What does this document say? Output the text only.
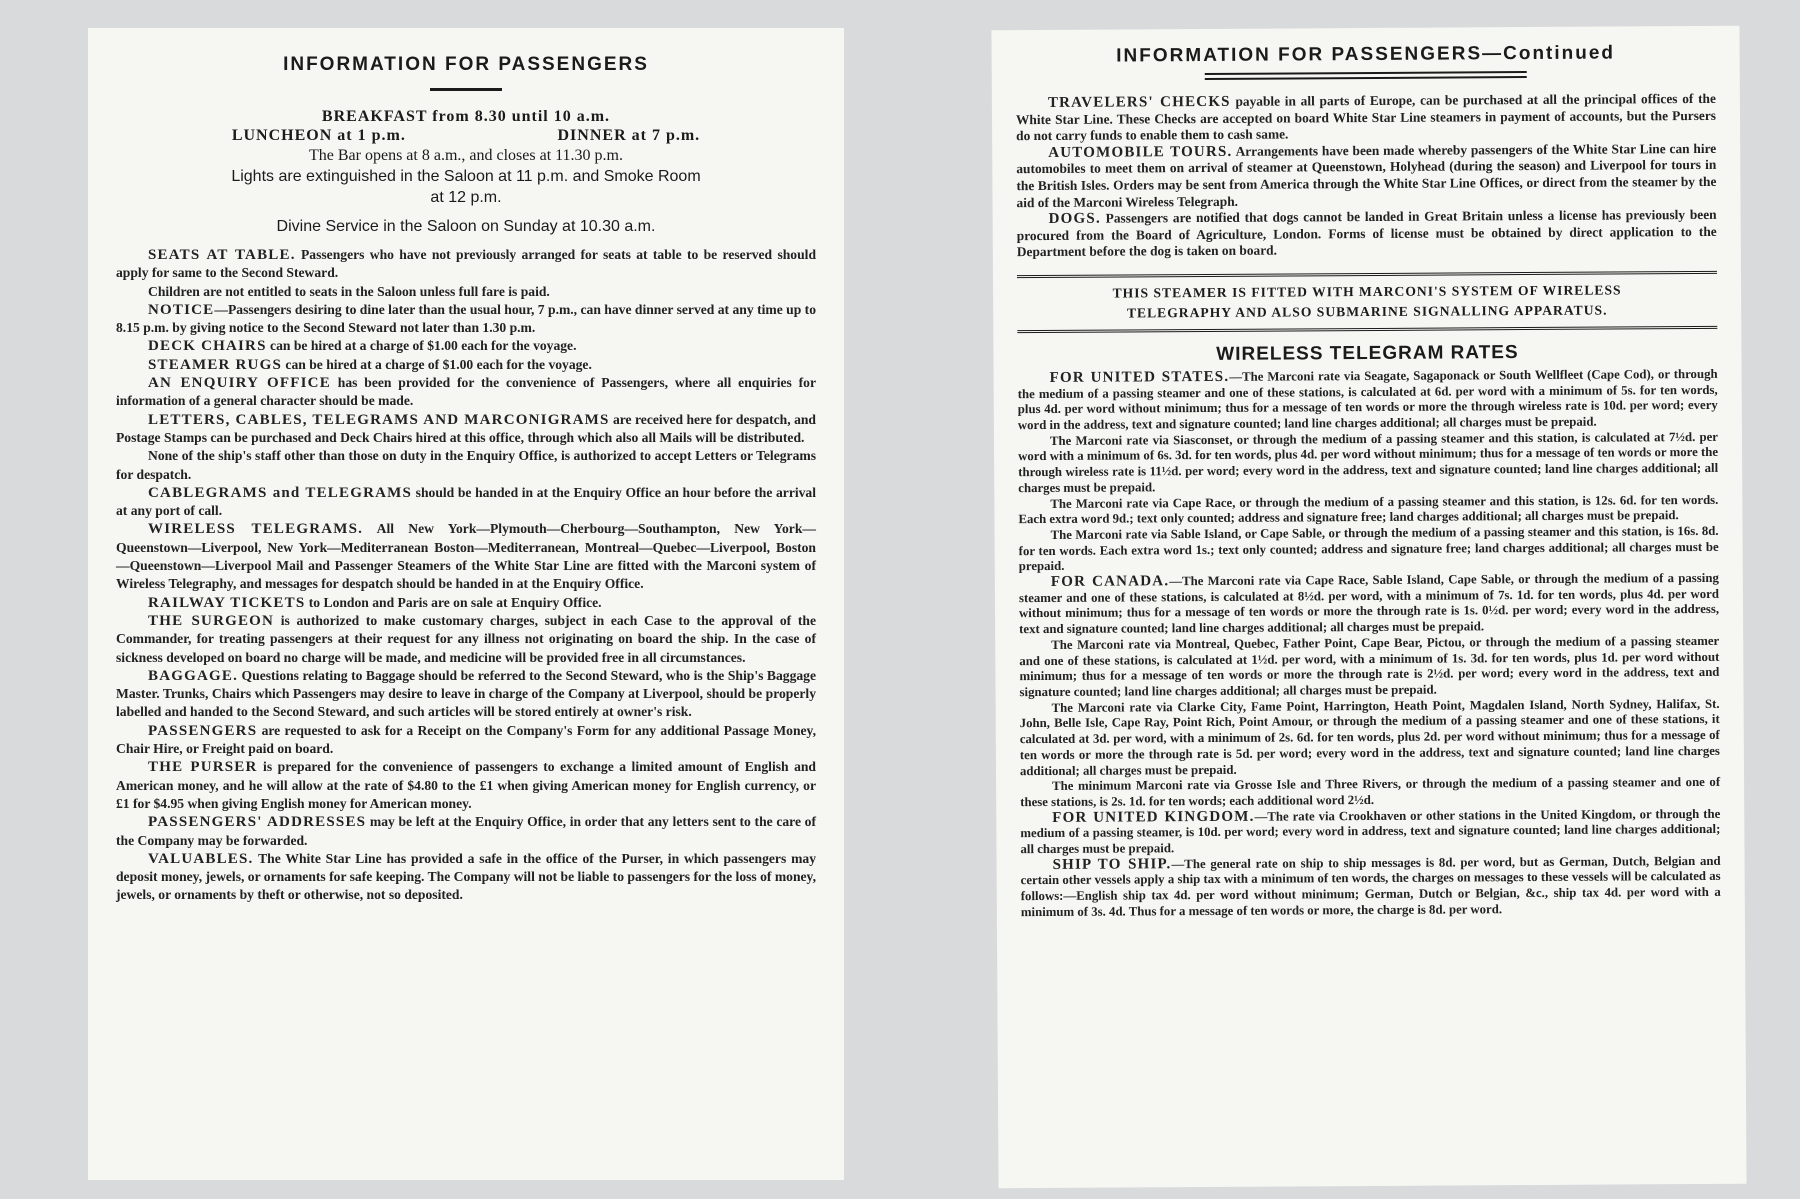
INFORMATION FOR PASSENGERS

BREAKFAST from 8.30 until 10 a.m.

LUNCHEON at 1 p.m.	DINNER at 7 p.m.

The Bar opens at 8 a.m., and closes at 11.30 p.m.

Lights are extinguished in the Saloon at 11 p.m. and Smoke Room
at 12 p.m.
Divine Service in the Saloon on Sunday at 10.30 a.m.

SEATS AT TABLE. Passengers who have not previously arranged for seats at table to be reserved should apply for same to the Second Steward.

Children are not entitled to seats in the Saloon unless full fare is paid.

NOTICE—Passengers desiring to dine later than the usual hour, 7 p.m., can have dinner served at any time up to 8.15 p.m. by giving notice to the Second Steward not later than 1.30 p.m.

DECK CHAIRS can be hired at a charge of $1.00 each for the voyage.

STEAMER RUGS can be hired at a charge of $1.00 each for the voyage.

AN ENQUIRY OFFICE has been provided for the convenience of Passengers, where all enquiries for information of a general character should be made.

LETTERS, CABLES, TELEGRAMS AND MARCONIGRAMS are received here for despatch, and Postage Stamps can be purchased and Deck Chairs hired at this office, through which also all Mails will be distributed.

None of the ship's staff other than those on duty in the Enquiry Office, is authorized to accept Letters or Telegrams for despatch.

CABLEGRAMS and TELEGRAMS should be handed in at the Enquiry Office an hour before the arrival at any port of call.

WIRELESS TELEGRAMS. All New York—Plymouth—Cherbourg—Southampton, New York—Queenstown—Liverpool, New York—Mediterranean Boston—Mediterranean, Montreal—Quebec—Liverpool, Boston—Queenstown—Liverpool Mail and Passenger Steamers of the White Star Line are fitted with the Marconi system of Wireless Telegraphy, and messages for despatch should be handed in at the Enquiry Office.

RAILWAY TICKETS to London and Paris are on sale at Enquiry Office.

THE SURGEON is authorized to make customary charges, subject in each Case to the approval of the Commander, for treating passengers at their request for any illness not originating on board the ship. In the case of sickness developed on board no charge will be made, and medicine will be provided free in all circumstances.

BAGGAGE. Questions relating to Baggage should be referred to the Second Steward, who is the Ship's Baggage Master. Trunks, Chairs which Passengers may desire to leave in charge of the Company at Liverpool, should be properly labelled and handed to the Second Steward, and such articles will be stored entirely at owner's risk.

PASSENGERS are requested to ask for a Receipt on the Company's Form for any additional Passage Money, Chair Hire, or Freight paid on board.

THE PURSER is prepared for the convenience of passengers to exchange a limited amount of English and American money, and he will allow at the rate of $4.80 to the £1 when giving American money for English currency, or £1 for $4.95 when giving English money for American money.

PASSENGERS' ADDRESSES may be left at the Enquiry Office, in order that any letters sent to the care of the Company may be forwarded.

VALUABLES. The White Star Line has provided a safe in the office of the Purser, in which passengers may deposit money, jewels, or ornaments for safe keeping. The Company will not be liable to passengers for the loss of money, jewels, or ornaments by theft or otherwise, not so deposited.

INFORMATION FOR PASSENGERS—Continued

TRAVELERS' CHECKS payable in all parts of Europe, can be purchased at all the principal offices of the White Star Line. These Checks are accepted on board White Star Line steamers in payment of accounts, but the Pursers do not carry funds to enable them to cash same.

AUTOMOBILE TOURS. Arrangements have been made whereby passengers of the White Star Line can hire automobiles to meet them on arrival of steamer at Queenstown, Holyhead (during the season) and Liverpool for tours in the British Isles. Orders may be sent from America through the White Star Line Offices, or direct from the steamer by the aid of the Marconi Wireless Telegraph.

DOGS. Passengers are notified that dogs cannot be landed in Great Britain unless a license has previously been procured from the Board of Agriculture, London. Forms of license must be obtained by direct application to the Department before the dog is taken on board.

THIS STEAMER IS FITTED WITH MARCONI'S SYSTEM OF WIRELESS

TELEGRAPHY AND ALSO SUBMARINE SIGNALLING APPARATUS.

WIRELESS TELEGRAM RATES

FOR UNITED STATES.—The Marconi rate via Seagate, Sagaponack or South Wellfleet (Cape Cod), or through the medium of a passing steamer and one of these stations, is calculated at 6d. per word with a minimum of 5s. for ten words, plus 4d. per word without minimum; thus for a message of ten words or more the through wireless rate is 10d. per word; every word in the address, text and signature counted; land line charges additional; all charges must be prepaid.

The Marconi rate via Siasconset, or through the medium of a passing steamer and this station, is calculated at 7½d. per word with a minimum of 6s. 3d. for ten words, plus 4d. per word without minimum; thus for a message of ten words or more the through wireless rate is 11½d. per word; every word in the address, text and signature counted; land line charges additional; all charges must be prepaid.

The Marconi rate via Cape Race, or through the medium of a passing steamer and this station, is 12s. 6d. for ten words. Each extra word 9d.; text only counted; address and signature free; land charges additional; all charges must be prepaid.

The Marconi rate via Sable Island, or Cape Sable, or through the medium of a passing steamer and this station, is 16s. 8d. for ten words. Each extra word 1s.; text only counted; address and signature free; land charges additional; all charges must be prepaid.

FOR CANADA.—The Marconi rate via Cape Race, Sable Island, Cape Sable, or through the medium of a passing steamer and one of these stations, is calculated at 8½d. per word, with a minimum of 7s. 1d. for ten words, plus 4d. per word without minimum; thus for a message of ten words or more the through rate is 1s. 0½d. per word; every word in the address, text and signature counted; land line charges additional; all charges must be prepaid.

The Marconi rate via Montreal, Quebec, Father Point, Cape Bear, Pictou, or through the medium of a passing steamer and one of these stations, is calculated at 1½d. per word, with a minimum of 1s. 3d. for ten words, plus 1d. per word without minimum; thus for a message of ten words or more the through rate is 2½d. per word; every word in the address, text and signature counted; land line charges additional; all charges must be prepaid.

The Marconi rate via Clarke City, Fame Point, Harrington, Heath Point, Magdalen Island, North Sydney, Halifax, St. John, Belle Isle, Cape Ray, Point Rich, Point Amour, or through the medium of a passing steamer and one of these stations, it calculated at 3d. per word, with a minimum of 2s. 6d. for ten words, plus 2d. per word without minimum; thus for a message of ten words or more the through rate is 5d. per word; every word in the address, text and signature counted; land line charges additional; all charges must be prepaid.

The minimum Marconi rate via Grosse Isle and Three Rivers, or through the medium of a passing steamer and one of these stations, is 2s. 1d. for ten words; each additional word 2½d.

FOR UNITED KINGDOM.—The rate via Crookhaven or other stations in the United Kingdom, or through the medium of a passing steamer, is 10d. per word; every word in address, text and signature counted; land line charges additional; all charges must be prepaid.

SHIP TO SHIP.—The general rate on ship to ship messages is 8d. per word, but as German, Dutch, Belgian and certain other vessels apply a ship tax with a minimum of ten words, the charges on messages to these vessels will be calculated as follows:—English ship tax 4d. per word without minimum; German, Dutch or Belgian, &c., ship tax 4d. per word with a minimum of 3s. 4d. Thus for a message of ten words or more, the charge is 8d. per word.
